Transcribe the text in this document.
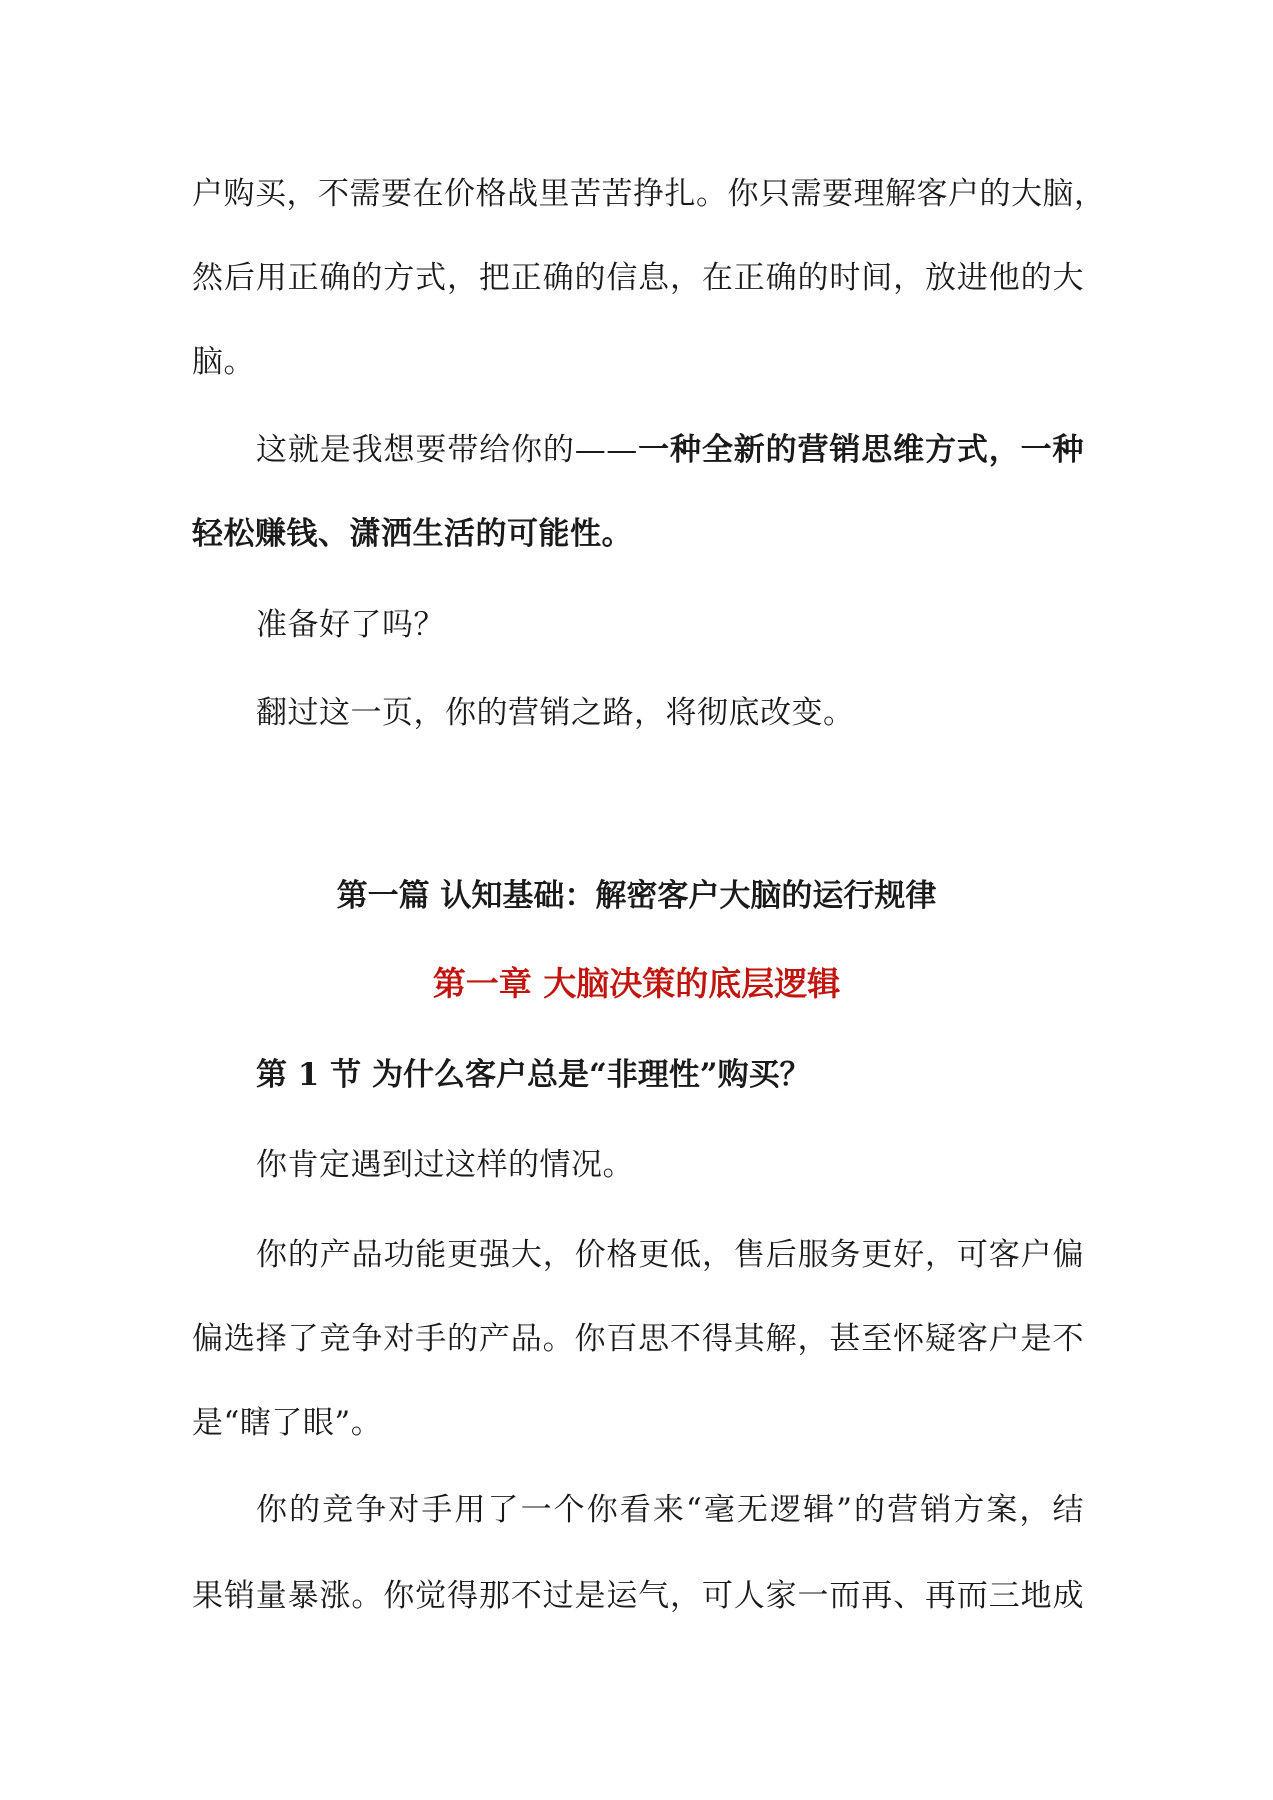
户购买，不需要在价格战里苦苦挣扎。你只需要理解客户的大脑，
然后用正确的方式，把正确的信息，在正确的时间，放进他的大
脑。
这就是我想要带给你的——一种全新的营销思维方式，一种
轻松赚钱、潇洒生活的可能性。
准备好了吗？
翻过这一页，你的营销之路，将彻底改变。
第一篇 认知基础：解密客户大脑的运行规律
第一章 大脑决策的底层逻辑
第 1 节 为什么客户总是“非理性”购买？
你肯定遇到过这样的情况。
你的产品功能更强大，价格更低，售后服务更好，可客户偏
偏选择了竞争对手的产品。你百思不得其解，甚至怀疑客户是不
是“瞎了眼”。
你的竞争对手用了一个你看来“毫无逻辑”的营销方案，结
果销量暴涨。你觉得那不过是运气，可人家一而再、再而三地成
